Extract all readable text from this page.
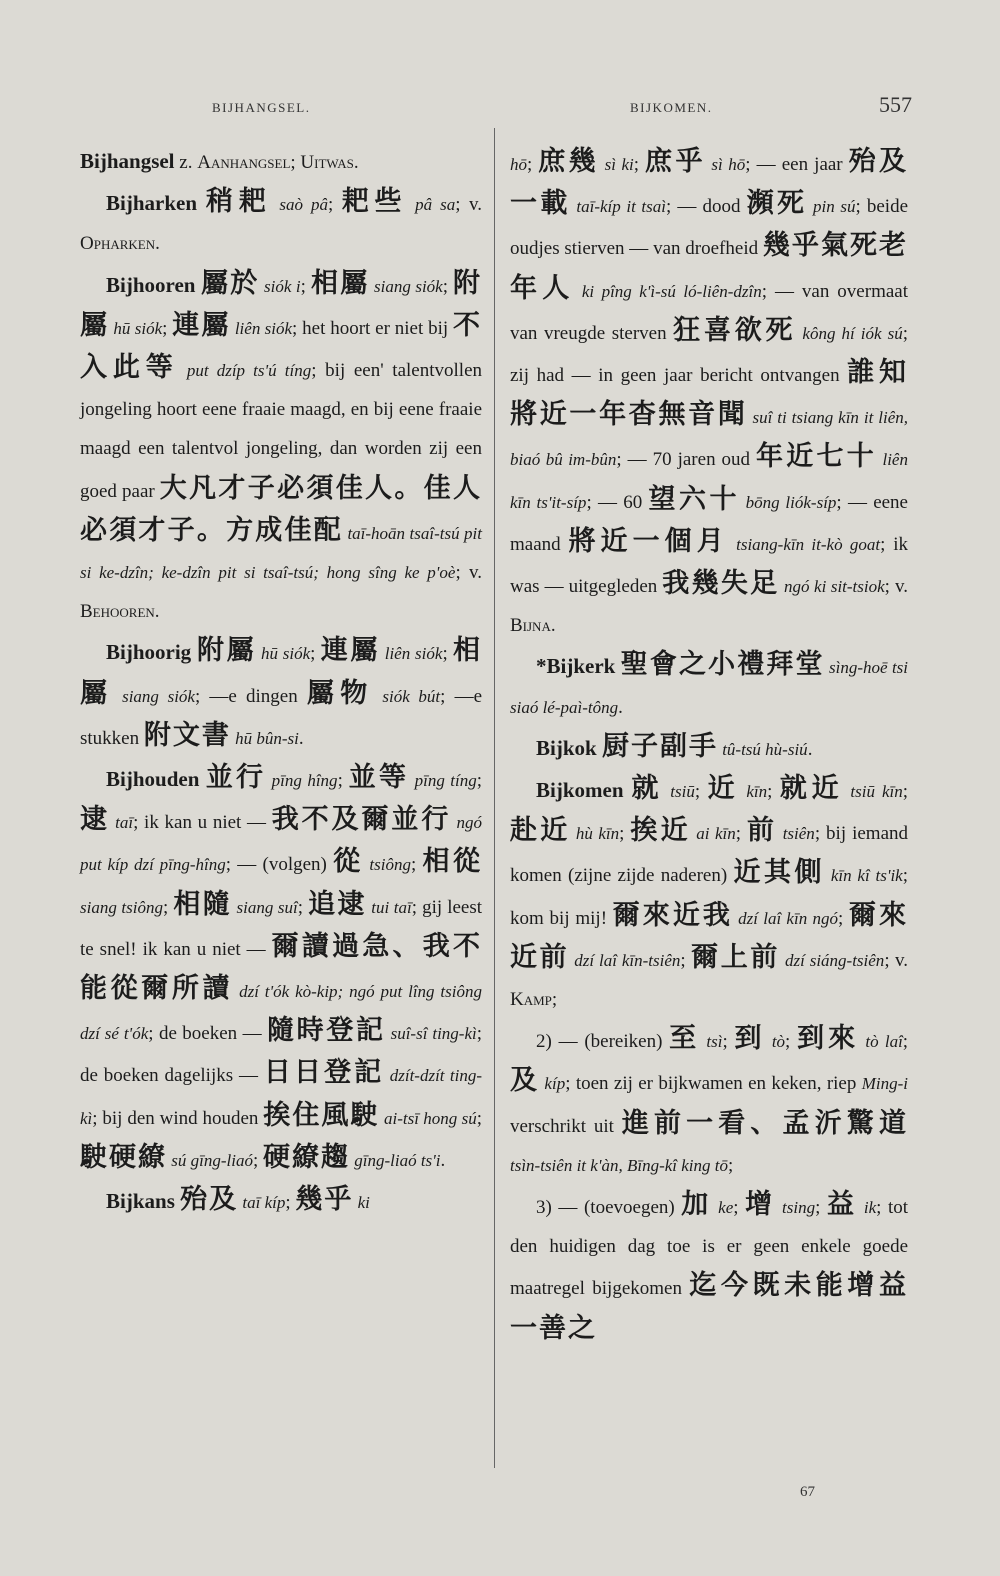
BIJHANGSEL.	BIJKOMEN.	557

Bijhangsel z. Aanhangsel; Uitwas.

Bijharken 稍耙 saò pâ; 耙些 pâ sa; v. Opharken.

Bijhooren 屬於 siók i; 相屬 siang siók; 附屬 hū siók; 連屬 liên siók; het hoort er niet bij 不入此等 put dzíp ts'ú tíng; bij een' talentvollen jongeling hoort eene fraaie maagd, en bij eene fraaie maagd een talentvol jongeling, dan worden zij een goed paar 大凡才子必須佳人。佳人必須才子。方成佳配 taī-hoān tsaî-tsú pit si ke-dzîn; ke-dzîn pit si tsaî-tsú; hong sîng ke p'oè; v. Behooren.

Bijhoorig 附屬 hū siók; 連屬 liên siók; 相屬 siang siók; —e dingen 屬物 siók bút; —e stukken 附文書 hū bûn-si.

Bijhouden 並行 pīng hîng; 並等 pīng tíng; 逮 taī; ik kan u niet — 我不及爾並行 ngó put kíp dzí pīng-hîng; — (volgen) 從 tsiông; 相從 siang tsiông; 相隨 siang suî; 追逮 tui taī; gij leest te snel! ik kan u niet — 爾讀過急、我不能從爾所讀 dzí t'ók kò-kip; ngó put lîng tsiông dzí sé t'ók; de boeken — 隨時登記 suî-sî ting-kì; de boeken dagelijks — 日日登記 dzít-dzít ting-kì; bij den wind houden 挨住風駛 ai-tsī hong sú; 駛硬繚 sú gīng-liaó; 硬繚趨 gīng-liaó ts'i.

Bijkans 殆及 taī kíp; 幾乎 ki

hō; 庶幾 sì ki; 庶乎 sì hō; — een jaar 殆及一載 taī-kíp it tsaì; — dood 瀕死 pin sú; beide oudjes stierven — van droefheid 幾乎氣死老年人 ki pîng k'ì-sú ló-liên-dzîn; — van overmaat van vreugde sterven 狂喜欲死 kông hí iók sú; zij had — in geen jaar bericht ontvangen 誰知將近一年杳無音聞 suî ti tsiang kīn it liên, biaó bû im-bûn; — 70 jaren oud 年近七十 liên kīn ts'it-síp; — 60 望六十 bōng liók-síp; — eene maand 將近一個月 tsiang-kīn it-kò goat; ik was — uitgegleden 我幾失足 ngó ki sit-tsiok; v. Bijna.

*Bijkerk 聖會之小禮拜堂 sìng-hoē tsi siaó lé-paì-tông.

Bijkok 厨子副手 tû-tsú hù-siú.

Bijkomen 就 tsiū; 近 kīn; 就近 tsiū kīn; 赴近 hù kīn; 挨近 ai kīn; 前 tsiên; bij iemand komen (zijne zijde naderen) 近其側 kīn kî ts'ik; kom bij mij! 爾來近我 dzí laî kīn ngó; 爾來近前 dzí laî kīn-tsiên; 爾上前 dzí siáng-tsiên; v. Kamp;

2) — (bereiken) 至 tsì; 到 tò; 到來 tò laî; 及 kíp; toen zij er bijkwamen en keken, riep Ming-i verschrikt uit 進前一看、孟沂驚道 tsìn-tsiên it k'àn, Bīng-kî king tō;

3) — (toevoegen) 加 ke; 增 tsing; 益 ik; tot den huidigen dag toe is er geen enkele goede maatregel bijgekomen 迄今既未能增益一善之

67
